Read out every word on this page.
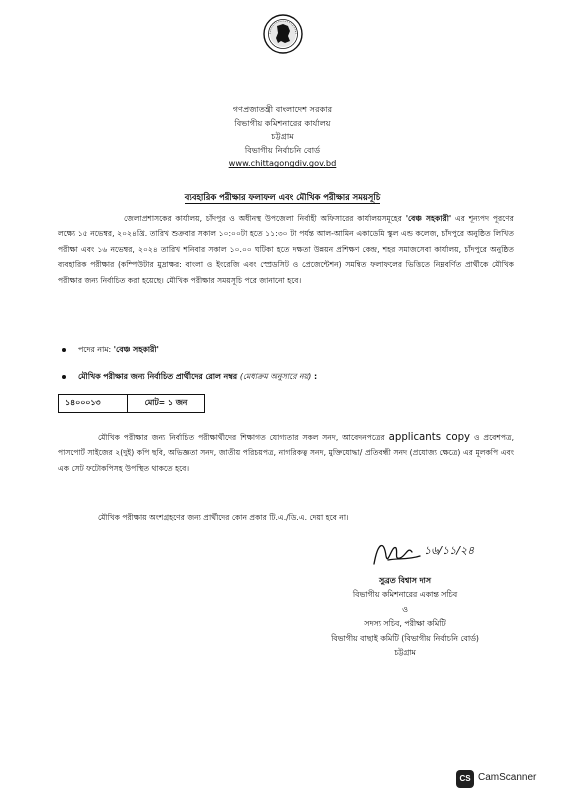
গণপ্রজাতন্ত্রী বাংলাদেশ সরকার
বিভাগীয় কমিশনারের কার্যালয়
চট্টগ্রাম
বিভাগীয় নির্বাচনি বোর্ড
www.chittagongdiv.gov.bd
ব্যবহারিক পরীক্ষার ফলাফল এবং মৌখিক পরীক্ষার সময়সূচি
জেলাপ্রশাসকের কার্যালয়, চাঁদপুর ও অধীনস্থ উপজেলা নির্বাহী অফিসারের কার্যালয়সমূহের 'বেঞ্চ সহকারী' এর শূন্যপদ পূরণের লক্ষ্যে ১৫ নভেম্বর, ২০২৪খ্রি. তারিখ শুক্রবার সকাল ১০:০০টা হতে ১১:৩০ টা পর্যন্ত আল-আমিন একাডেমি স্কুল এন্ড কলেজ, চাঁদপুরে অনুষ্ঠিত লিখিত পরীক্ষা এবং ১৬ নভেম্বর, ২০২৪ তারিখ শনিবার সকাল ১০.০০ ঘটিকা হতে দক্ষতা উন্নয়ন প্রশিক্ষণ কেন্দ্র, শহর সমাজসেবা কার্যালয়, চাঁদপুরে অনুষ্ঠিত ব্যবহারিক পরীক্ষার (কম্পিউটার মুদ্রাক্ষর: বাংলা ও ইংরেজি এবং স্প্রেডসিট ও প্রেজেন্টেশন) সমন্বিত ফলাফলের ভিত্তিতে নিম্নবর্ণিত প্রার্থীকে মৌখিক পরীক্ষার জন্য নির্বাচিত করা হয়েছে। মৌখিক পরীক্ষার সময়সূচি পরে জানানো হবে।
পদের নাম: 'বেঞ্চ সহকারী'
মৌখিক পরীক্ষার জন্য নির্বাচিত প্রার্থীদের রোল নম্বর (মেধাক্রম অনুসারে নয়) :
১৪০০০১৩	মোট= ১ জন
মৌখিক পরীক্ষার জন্য নির্বাচিত পরীক্ষার্থীদের শিক্ষাগত যোগ্যতার সকল সনদ, আবেদনপত্রের applicants copy ও প্রবেশপত্র, পাসপোর্ট সাইজের ২(দুই) কপি ছবি, অভিজ্ঞতা সনদ, জাতীয় পরিচয়পত্র, নাগরিকত্ব সনদ, মুক্তিযোদ্ধা/ প্রতিবন্ধী সনদ (প্রযোজ্য ক্ষেত্রে) এর মূলকপি এবং এক সেট ফটোকপিসহ উপস্থিত থাকতে হবে।
মৌখিক পরীক্ষায় অংশগ্রহণের জন্য প্রার্থীদের কোন প্রকার টি.এ./ডি.এ. দেয়া হবে না।
১৬/১১/২৪
সুব্রত বিশ্বাস দাস
বিভাগীয় কমিশনারের একান্ত সচিব
ও
সদস্য সচিব, পরীক্ষা কমিটি
বিভাগীয় বাছাই কমিটি (বিভাগীয় নির্বাচনি বোর্ড)
চট্টগ্রাম
CS CamScanner
